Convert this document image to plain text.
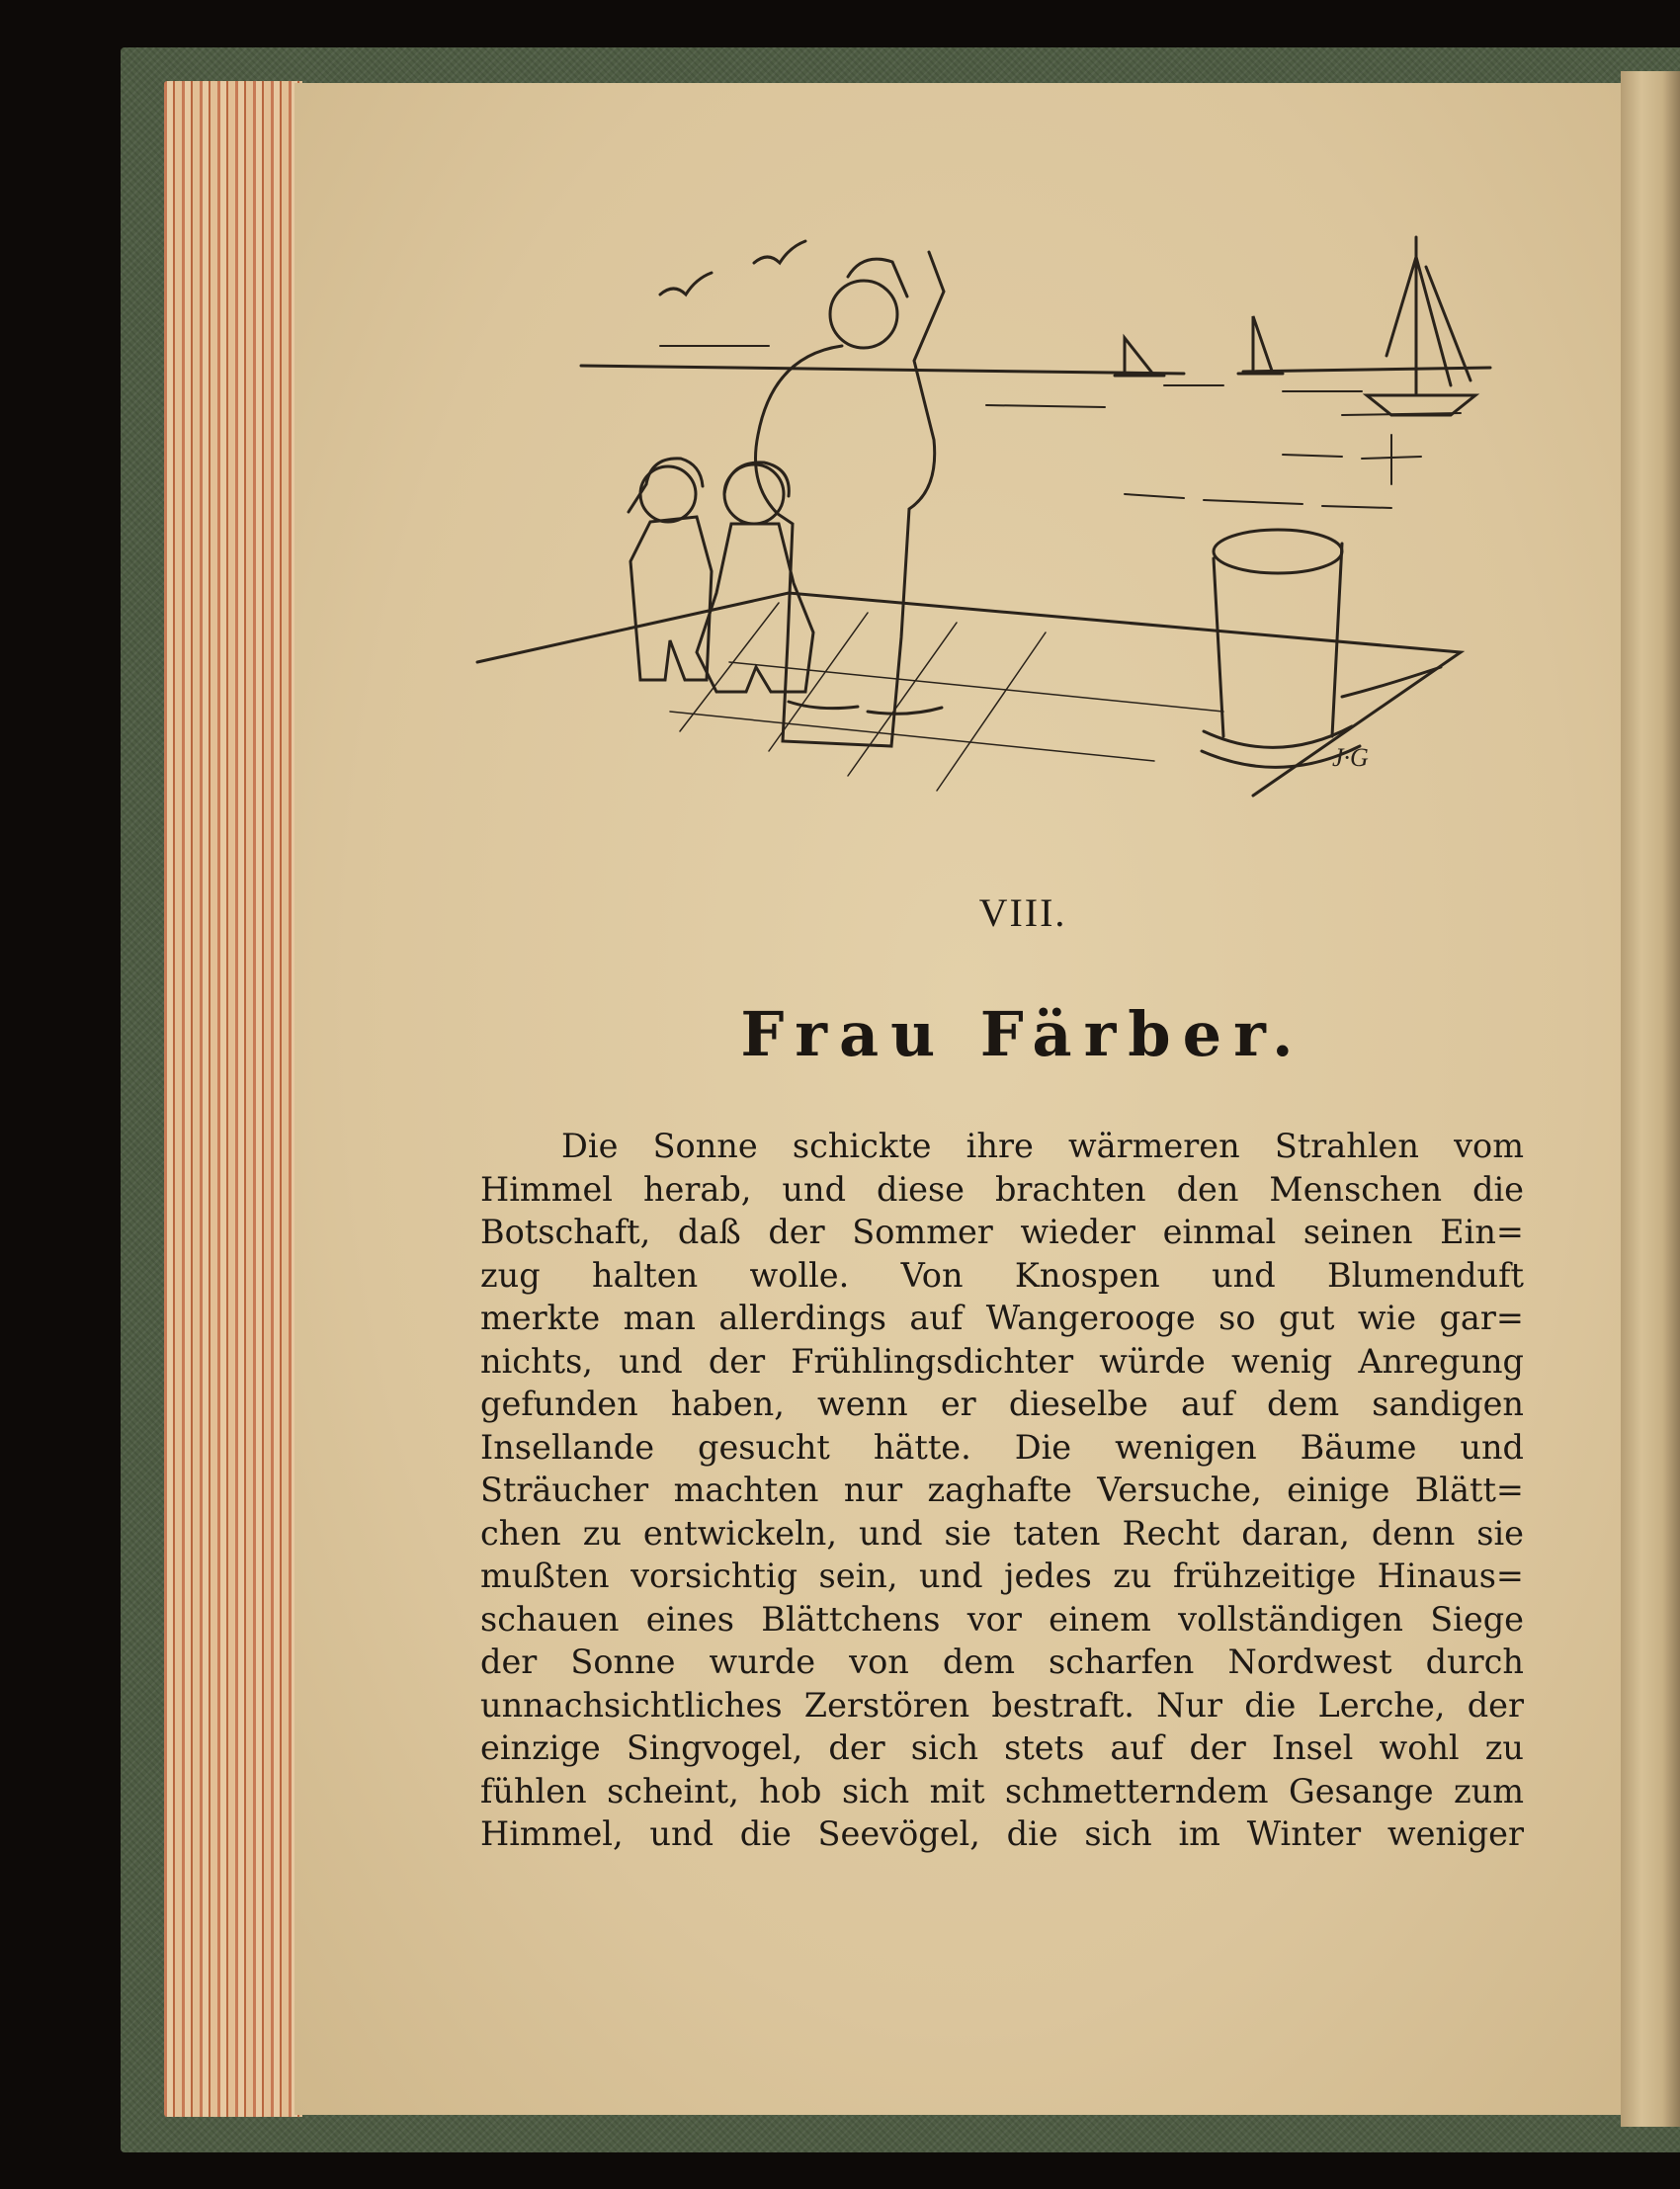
J·G
VIII.
Frau Färber.
Die Sonne schickte ihre wärmeren Strahlen vom
Himmel herab, und diese brachten den Menschen die
Botschaft, daß der Sommer wieder einmal seinen Ein=
zug halten wolle. Von Knospen und Blumenduft
merkte man allerdings auf Wangerooge so gut wie gar=
nichts, und der Frühlingsdichter würde wenig Anregung
gefunden haben, wenn er dieselbe auf dem sandigen
Insellande gesucht hätte. Die wenigen Bäume und
Sträucher machten nur zaghafte Versuche, einige Blätt=
chen zu entwickeln, und sie taten Recht daran, denn sie
mußten vorsichtig sein, und jedes zu frühzeitige Hinaus=
schauen eines Blättchens vor einem vollständigen Siege
der Sonne wurde von dem scharfen Nordwest durch
unnachsichtliches Zerstören bestraft. Nur die Lerche, der
einzige Singvogel, der sich stets auf der Insel wohl zu
fühlen scheint, hob sich mit schmetterndem Gesange zum
Himmel, und die Seevögel, die sich im Winter weniger
